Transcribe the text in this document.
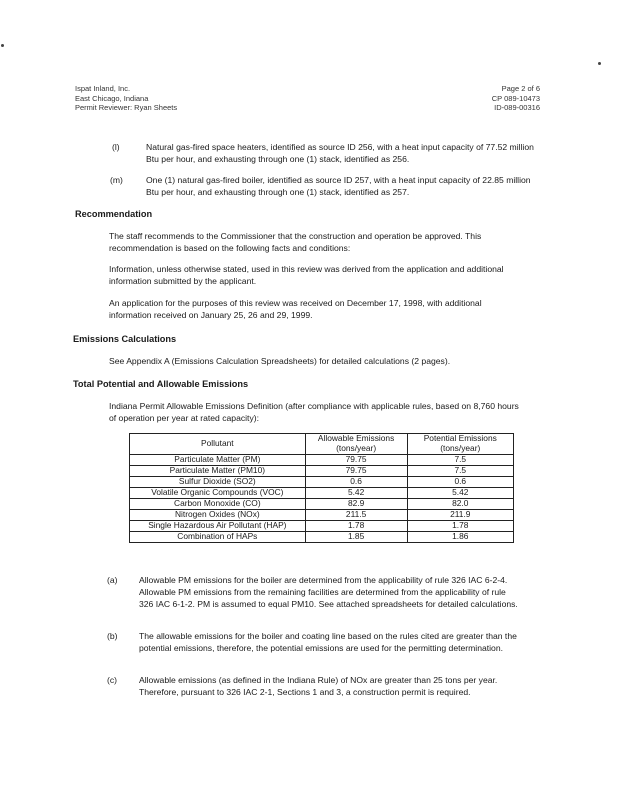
Ispat Inland, Inc.
East Chicago, Indiana
Permit Reviewer: Ryan Sheets
Page 2 of 6
CP 089-10473
ID-089-00316
(l)	Natural gas-fired space heaters, identified as source ID 256, with a heat input capacity of 77.52 million Btu per hour, and exhausting through one (1) stack, identified as 256.
(m)	One (1) natural gas-fired boiler, identified as source ID 257, with a heat input capacity of 22.85 million Btu per hour, and exhausting through one (1) stack, identified as 257.
Recommendation
The staff recommends to the Commissioner that the construction and operation be approved. This recommendation is based on the following facts and conditions:
Information, unless otherwise stated, used in this review was derived from the application and additional information submitted by the applicant.
An application for the purposes of this review was received on December 17, 1998, with additional information received on January 25, 26 and 29, 1999.
Emissions Calculations
See Appendix A (Emissions Calculation Spreadsheets) for detailed calculations (2 pages).
Total Potential and Allowable Emissions
Indiana Permit Allowable Emissions Definition (after compliance with applicable rules, based on 8,760 hours of operation per year at rated capacity):
Pollutant	Allowable Emissions (tons/year)	Potential Emissions (tons/year)
Particulate Matter (PM)	79.75	7.5
Particulate Matter (PM10)	79.75	7.5
Sulfur Dioxide (SO2)	0.6	0.6
Volatile Organic Compounds (VOC)	5.42	5.42
Carbon Monoxide (CO)	82.9	82.0
Nitrogen Oxides (NOx)	211.5	211.9
Single Hazardous Air Pollutant (HAP)	1.78	1.78
Combination of HAPs	1.85	1.86
(a) Allowable PM emissions for the boiler are determined from the applicability of rule 326 IAC 6-2-4. Allowable PM emissions from the remaining facilities are determined from the applicability of rule 326 IAC 6-1-2. PM is assumed to equal PM10. See attached spreadsheets for detailed calculations.
(b) The allowable emissions for the boiler and coating line based on the rules cited are greater than the potential emissions, therefore, the potential emissions are used for the permitting determination.
(c)	Allowable emissions (as defined in the Indiana Rule) of NOx are greater than 25 tons per year. Therefore, pursuant to 326 IAC 2-1, Sections 1 and 3, a construction permit is required.
